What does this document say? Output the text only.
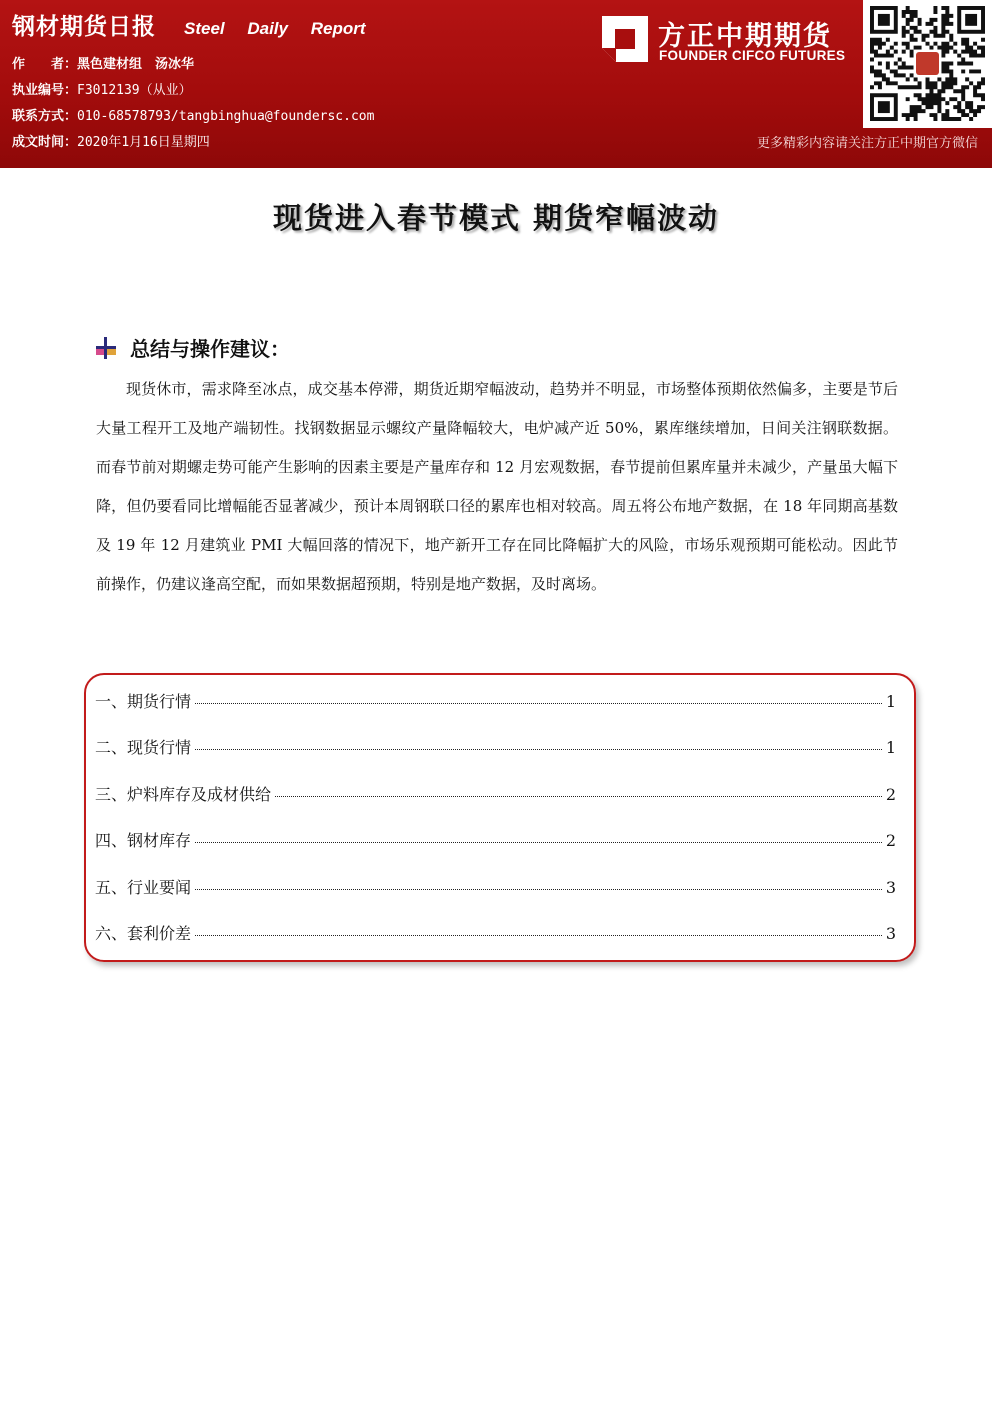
钢材期货日报 Steel Daily Report
作　　者：黑色建材组　汤冰华
执业编号：F3012139（从业）
联系方式：010-68578793/tangbinghua@foundersc.com
成文时间：2020年1月16日星期四
方正中期期货
FOUNDER CIFCO FUTURES
更多精彩内容请关注方正中期官方微信
现货进入春节模式 期货窄幅波动
总结与操作建议：

现货休市，需求降至冰点，成交基本停滞，期货近期窄幅波动，趋势并不明显，市场整体预期依然偏多，主要是节后大量工程开工及地产端韧性。找钢数据显示螺纹产量降幅较大，电炉减产近 50%，累库继续增加，日间关注钢联数据。而春节前对期螺走势可能产生影响的因素主要是产量库存和 12 月宏观数据，春节提前但累库量并未减少，产量虽大幅下降，但仍要看同比增幅能否显著减少，预计本周钢联口径的累库也相对较高。周五将公布地产数据，在 18 年同期高基数及 19 年 12 月建筑业 PMI 大幅回落的情况下，地产新开工存在同比降幅扩大的风险，市场乐观预期可能松动。因此节前操作，仍建议逢高空配，而如果数据超预期，特别是地产数据，及时离场。

一、期货行情	1
二、现货行情	1
三、炉料库存及成材供给	2
四、钢材库存	2
五、行业要闻	3
六、套利价差	3
